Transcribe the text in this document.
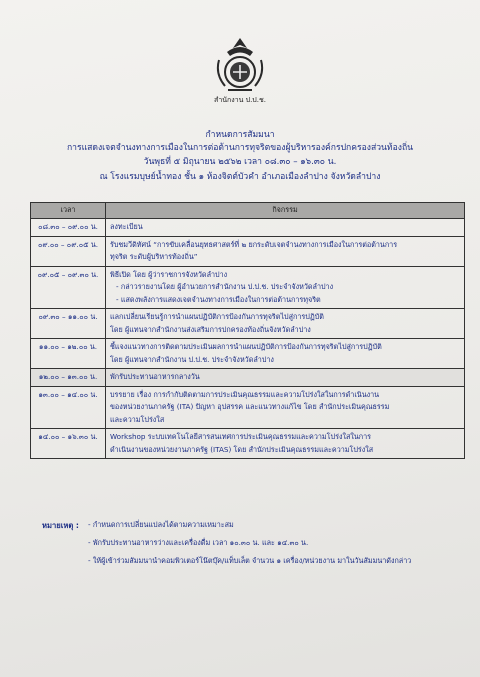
สำนักงาน ป.ป.ช.
กำหนดการสัมมนา
การแสดงเจตจำนงทางการเมืองในการต่อต้านการทุจริตของผู้บริหารองค์กรปกครองส่วนท้องถิ่น
วันพุธที่ ๕ มิถุนายน ๒๕๖๒ เวลา ๐๘.๓๐ – ๑๖.๓๐ น.
ณ โรงแรมบุษย์น้ำทอง ชั้น ๑ ห้องจิตต์บัวคำ อำเภอเมืองลำปาง จังหวัดลำปาง
เวลา	กิจกรรม
๐๘.๓๐ – ๐๙.๐๐ น.	ลงทะเบียน

๐๙.๐๐ – ๐๙.๐๕ น.	รับชมวีดิทัศน์ “การขับเคลื่อนยุทธศาสตร์ที่ ๒ ยกระดับเจตจำนงทางการเมืองในการต่อต้านการ
ทุจริต ระดับผู้บริหารท้องถิ่น”

๐๙.๐๕ – ๐๙.๓๐ น.	พิธีเปิด โดย ผู้ว่าราชการจังหวัดลำปาง
- กล่าวรายงานโดย ผู้อำนวยการสำนักงาน ป.ป.ช. ประจำจังหวัดลำปาง
- แสดงพลังการแสดงเจตจำนงทางการเมืองในการต่อต้านการทุจริต

๐๙.๓๐ – ๑๑.๐๐ น.	แลกเปลี่ยนเรียนรู้การนำแผนปฏิบัติการป้องกันการทุจริตไปสู่การปฏิบัติ
โดย ผู้แทนจากสำนักงานส่งเสริมการปกครองท้องถิ่นจังหวัดลำปาง

๑๑.๐๐ – ๑๒.๐๐ น.	ชี้แจงแนวทางการติดตามประเมินผลการนำแผนปฏิบัติการป้องกันการทุจริตไปสู่การปฏิบัติ
โดย ผู้แทนจากสำนักงาน ป.ป.ช. ประจำจังหวัดลำปาง

๑๒.๐๐ – ๑๓.๐๐ น.	พักรับประทานอาหารกลางวัน

๑๓.๐๐ – ๑๔.๐๐ น.	บรรยาย เรื่อง การกำกับติดตามการประเมินคุณธรรมและความโปร่งใสในการดำเนินงาน
ของหน่วยงานภาครัฐ (ITA) ปัญหา อุปสรรค และแนวทางแก้ไข โดย สำนักประเมินคุณธรรม
และความโปร่งใส

๑๔.๐๐ – ๑๖.๓๐ น.	Workshop ระบบเทคโนโลยีสารสนเทศการประเมินคุณธรรมและความโปร่งใสในการ
ดำเนินงานของหน่วยงานภาครัฐ (ITAS) โดย สำนักประเมินคุณธรรมและความโปร่งใส
หมายเหตุ : - กำหนดการเปลี่ยนแปลงได้ตามความเหมาะสม
- พักรับประทานอาหารว่างและเครื่องดื่ม เวลา ๑๐.๓๐ น. และ ๑๔.๓๐ น.
- ให้ผู้เข้าร่วมสัมมนานำคอมพิวเตอร์โน๊ตบุ๊ค/แท็บเล็ต จำนวน ๑ เครื่อง/หน่วยงาน มาในวันสัมมนาดังกล่าว
